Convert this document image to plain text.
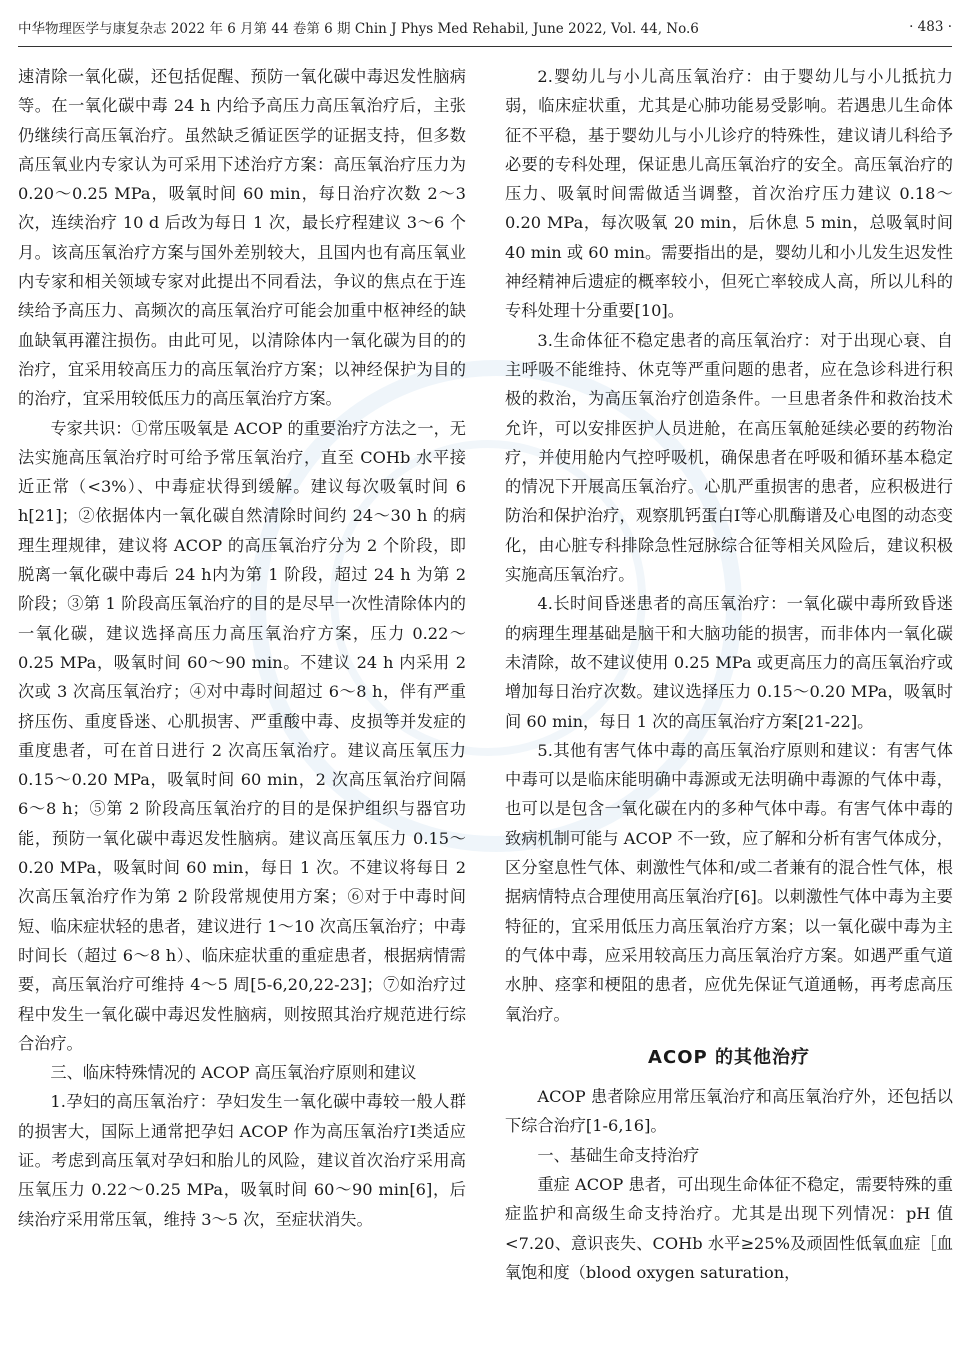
中华物理医学与康复杂志 2022 年 6 月第 44 卷第 6 期 Chin J Phys Med Rehabil, June 2022, Vol. 44, No.6	· 483 ·

速清除一氧化碳，还包括促醒、预防一氧化碳中毒迟发性脑病等。在一氧化碳中毒 24 h 内给予高压力高压氧治疗后，主张仍继续行高压氧治疗。虽然缺乏循证医学的证据支持，但多数高压氧业内专家认为可采用下述治疗方案：高压氧治疗压力为 0.20～0.25 MPa，吸氧时间 60 min，每日治疗次数 2～3 次，连续治疗 10 d 后改为每日 1 次，最长疗程建议 3～6 个月。该高压氧治疗方案与国外差别较大，且国内也有高压氧业内专家和相关领域专家对此提出不同看法，争议的焦点在于连续给予高压力、高频次的高压氧治疗可能会加重中枢神经的缺血缺氧再灌注损伤。由此可见，以清除体内一氧化碳为目的的治疗，宜采用较高压力的高压氧治疗方案；以神经保护为目的的治疗，宜采用较低压力的高压氧治疗方案。

专家共识：①常压吸氧是 ACOP 的重要治疗方法之一，无法实施高压氧治疗时可给予常压氧治疗，直至 COHb 水平接近正常（<3%）、中毒症状得到缓解。建议每次吸氧时间 6 h[21]；②依据体内一氧化碳自然清除时间约 24～30 h 的病理生理规律，建议将 ACOP 的高压氧治疗分为 2 个阶段，即脱离一氧化碳中毒后 24 h内为第 1 阶段，超过 24 h 为第 2 阶段；③第 1 阶段高压氧治疗的目的是尽早一次性清除体内的一氧化碳，建议选择高压力高压氧治疗方案，压力 0.22～0.25 MPa，吸氧时间 60～90 min。不建议 24 h 内采用 2 次或 3 次高压氧治疗；④对中毒时间超过 6～8 h，伴有严重挤压伤、重度昏迷、心肌损害、严重酸中毒、皮损等并发症的重度患者，可在首日进行 2 次高压氧治疗。建议高压氧压力 0.15～0.20 MPa，吸氧时间 60 min，2 次高压氧治疗间隔 6～8 h；⑤第 2 阶段高压氧治疗的目的是保护组织与器官功能，预防一氧化碳中毒迟发性脑病。建议高压氧压力 0.15～0.20 MPa，吸氧时间 60 min，每日 1 次。不建议将每日 2 次高压氧治疗作为第 2 阶段常规使用方案；⑥对于中毒时间短、临床症状轻的患者，建议进行 1～10 次高压氧治疗；中毒时间长（超过 6～8 h）、临床症状重的重症患者，根据病情需要，高压氧治疗可维持 4～5 周[5-6,20,22-23]；⑦如治疗过程中发生一氧化碳中毒迟发性脑病，则按照其治疗规范进行综合治疗。

三、临床特殊情况的 ACOP 高压氧治疗原则和建议

1.孕妇的高压氧治疗：孕妇发生一氧化碳中毒较一般人群的损害大，国际上通常把孕妇 ACOP 作为高压氧治疗Ⅰ类适应证。考虑到高压氧对孕妇和胎儿的风险，建议首次治疗采用高压氧压力 0.22～0.25 MPa，吸氧时间 60～90 min[6]，后续治疗采用常压氧，维持 3～5 次，至症状消失。

2.婴幼儿与小儿高压氧治疗：由于婴幼儿与小儿抵抗力弱，临床症状重，尤其是心肺功能易受影响。若遇患儿生命体征不平稳，基于婴幼儿与小儿诊疗的特殊性，建议请儿科给予必要的专科处理，保证患儿高压氧治疗的安全。高压氧治疗的压力、吸氧时间需做适当调整，首次治疗压力建议 0.18～0.20 MPa，每次吸氧 20 min，后休息 5 min，总吸氧时间 40 min 或 60 min。需要指出的是，婴幼儿和小儿发生迟发性神经精神后遗症的概率较小，但死亡率较成人高，所以儿科的专科处理十分重要[10]。

3.生命体征不稳定患者的高压氧治疗：对于出现心衰、自主呼吸不能维持、休克等严重问题的患者，应在急诊科进行积极的救治，为高压氧治疗创造条件。一旦患者条件和救治技术允许，可以安排医护人员进舱，在高压氧舱延续必要的药物治疗，并使用舱内气控呼吸机，确保患者在呼吸和循环基本稳定的情况下开展高压氧治疗。心肌严重损害的患者，应积极进行防治和保护治疗，观察肌钙蛋白Ⅰ等心肌酶谱及心电图的动态变化，由心脏专科排除急性冠脉综合征等相关风险后，建议积极实施高压氧治疗。

4.长时间昏迷患者的高压氧治疗：一氧化碳中毒所致昏迷的病理生理基础是脑干和大脑功能的损害，而非体内一氧化碳未清除，故不建议使用 0.25 MPa 或更高压力的高压氧治疗或增加每日治疗次数。建议选择压力 0.15～0.20 MPa，吸氧时间 60 min，每日 1 次的高压氧治疗方案[21-22]。

5.其他有害气体中毒的高压氧治疗原则和建议：有害气体中毒可以是临床能明确中毒源或无法明确中毒源的气体中毒，也可以是包含一氧化碳在内的多种气体中毒。有害气体中毒的致病机制可能与 ACOP 不一致，应了解和分析有害气体成分，区分窒息性气体、刺激性气体和/或二者兼有的混合性气体，根据病情特点合理使用高压氧治疗[6]。以刺激性气体中毒为主要特征的，宜采用低压力高压氧治疗方案；以一氧化碳中毒为主的气体中毒，应采用较高压力高压氧治疗方案。如遇严重气道水肿、痉挛和梗阻的患者，应优先保证气道通畅，再考虑高压氧治疗。

ACOP 的其他治疗

ACOP 患者除应用常压氧治疗和高压氧治疗外，还包括以下综合治疗[1-6,16]。

一、基础生命支持治疗

重症 ACOP 患者，可出现生命体征不稳定，需要特殊的重症监护和高级生命支持治疗。尤其是出现下列情况：pH 值<7.20、意识丧失、COHb 水平≥25%及顽固性低氧血症［血氧饱和度（blood oxygen saturation，
